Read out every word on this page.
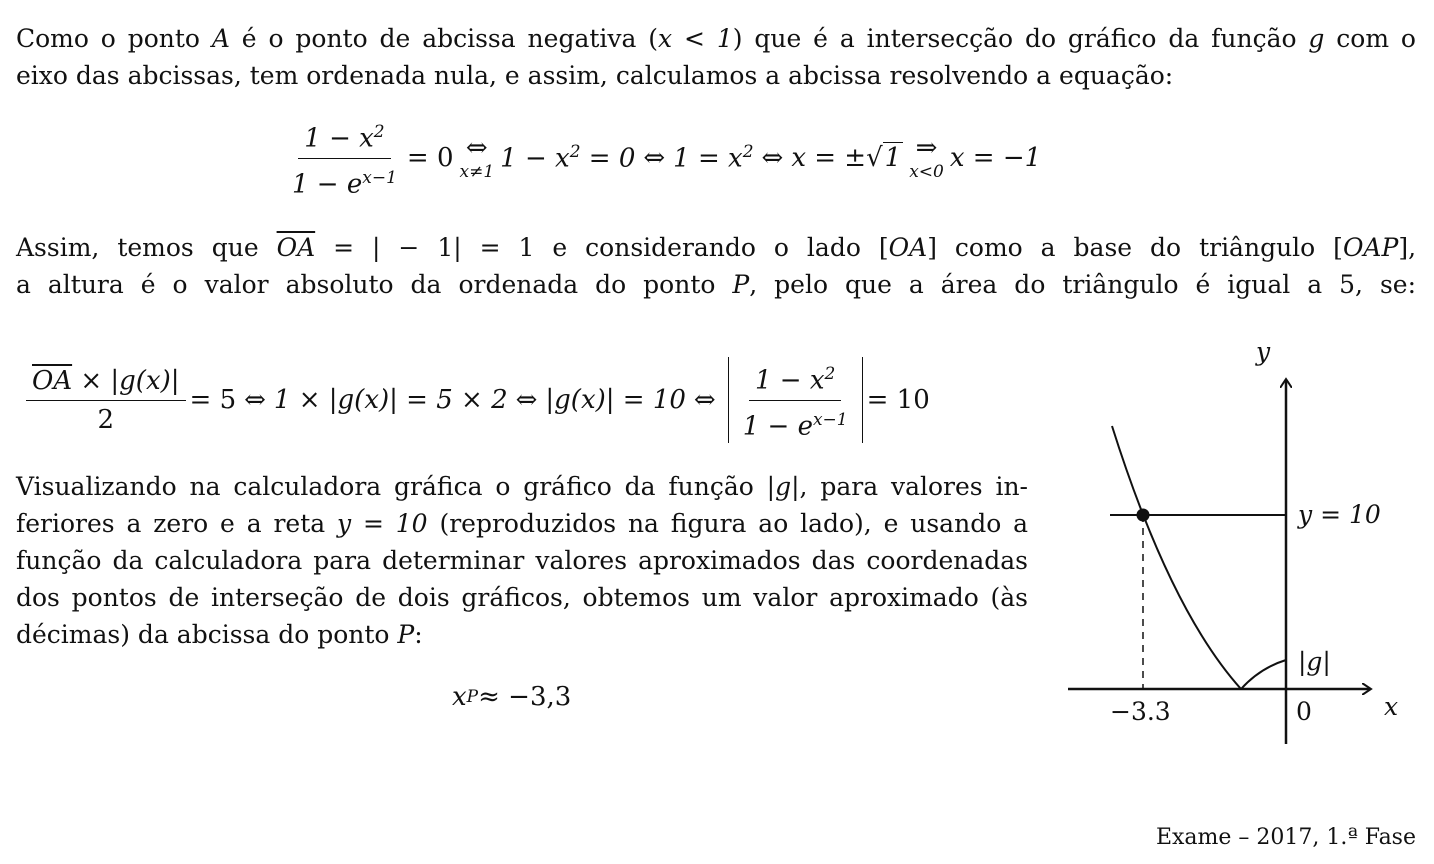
Como o ponto A é o ponto de abcissa negativa (x < 1) que é a intersecção do gráfico da função g com o

eixo das abcissas, tem ordenada nula, e assim, calculamos a abcissa resolvendo a equação:

$\frac{1 - x^2}{1 - e^{x-1}} = 0$ ⇔
x≠1 $1 - x^2 = 0$ ⇔ $1 = x^2$ ⇔ x = ±√1 ⇒
x<0 x = −1

Assim, temos que $\overline{OA}$ = | − 1| = 1 e considerando o lado [OA] como a base do triângulo [OAP],

a altura é o valor absoluto da ordenada do ponto P, pelo que a área do triângulo é igual a 5, se:

$\frac{\overline{OA} \times |g(x)|}{2} = 5$ ⇔ 1 × |g(x)| = 5 × 2 ⇔ |g(x)| = 10 ⇔ $\frac{1 - x^2}{1 - e^{x-1}} = 10$

Visualizando na calculadora gráfica o gráfico da função |g|, para valores in-

feriores a zero e a reta y = 10 (reproduzidos na figura ao lado), e usando a

função da calculadora para determinar valores aproximados das coordenadas

dos pontos de interseção de dois gráficos, obtemos um valor aproximado (às

décimas) da abcissa do ponto P:

x P ≈ −3,3
y
x
y = 10
|g|
−3.3	0
Exame – 2017, 1.ª Fase
